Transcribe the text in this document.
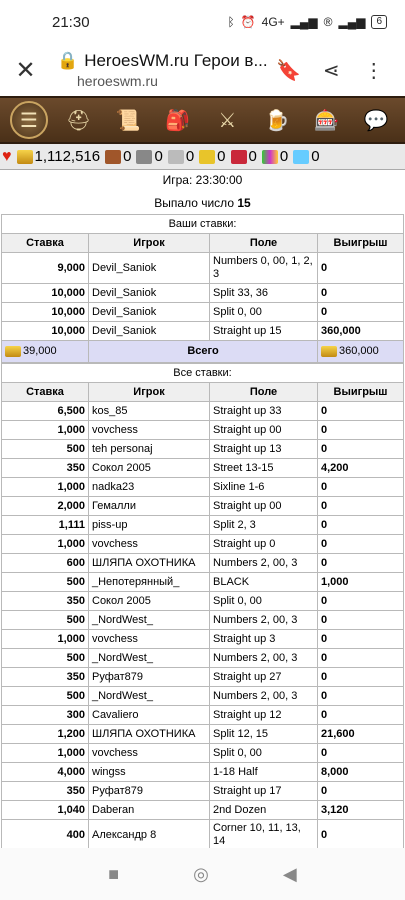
21:30	ᛒ ⏰ 4G+ ▂▄▆ ® ▂▄▆	6
✕ 🔒 HeroesWM.ru Герои в...
heroeswm.ru	🔖	⋖	⋮
☰	⛑	📜	🎒	⚔	🍺	🎰	💬
♥ 1,112,516 0 0 0 0 0 0 0
Игра: 23:30:00
Выпало число 15
Ваши ставки:			
Ставка	Игрок	Поле	Выигрыш
9,000	Devil_Saniok	Numbers 0, 00, 1, 2, 3	0
10,000	Devil_Saniok	Split 33, 36	0
10,000	Devil_Saniok	Split 0, 00	0
10,000	Devil_Saniok	Straight up 15	360,000
39,000	Всего		360,000
Все ставки:			
Ставка	Игрок	Поле	Выигрыш
6,500	kos_85	Straight up 33	0
1,000	vovchess	Straight up 00	0
500	teh personaj	Straight up 13	0
350	Сокол 2005	Street 13-15	4,200
1,000	nadka23	Sixline 1-6	0
2,000	Гемалли	Straight up 00	0
1,111	piss-up	Split 2, 3	0
1,000	vovchess	Straight up 0	0
600	ШЛЯПА ОХОТНИКА	Numbers 2, 00, 3	0
500	_Непотерянный_	BLACK	1,000
350	Сокол 2005	Split 0, 00	0
500	_NordWest_	Numbers 2, 00, 3	0
1,000	vovchess	Straight up 3	0
500	_NordWest_	Numbers 2, 00, 3	0
350	Руфат879	Straight up 27	0
500	_NordWest_	Numbers 2, 00, 3	0
300	Cavaliero	Straight up 12	0
1,200	ШЛЯПА ОХОТНИКА	Split 12, 15	21,600
1,000	vovchess	Split 0, 00	0
4,000	wingss	1-18 Half	8,000
350	Руфат879	Straight up 17	0
1,040	Daberan	2nd Dozen	3,120
400	Александр 8	Corner 10, 11, 13, 14	0

■	◎	◀
